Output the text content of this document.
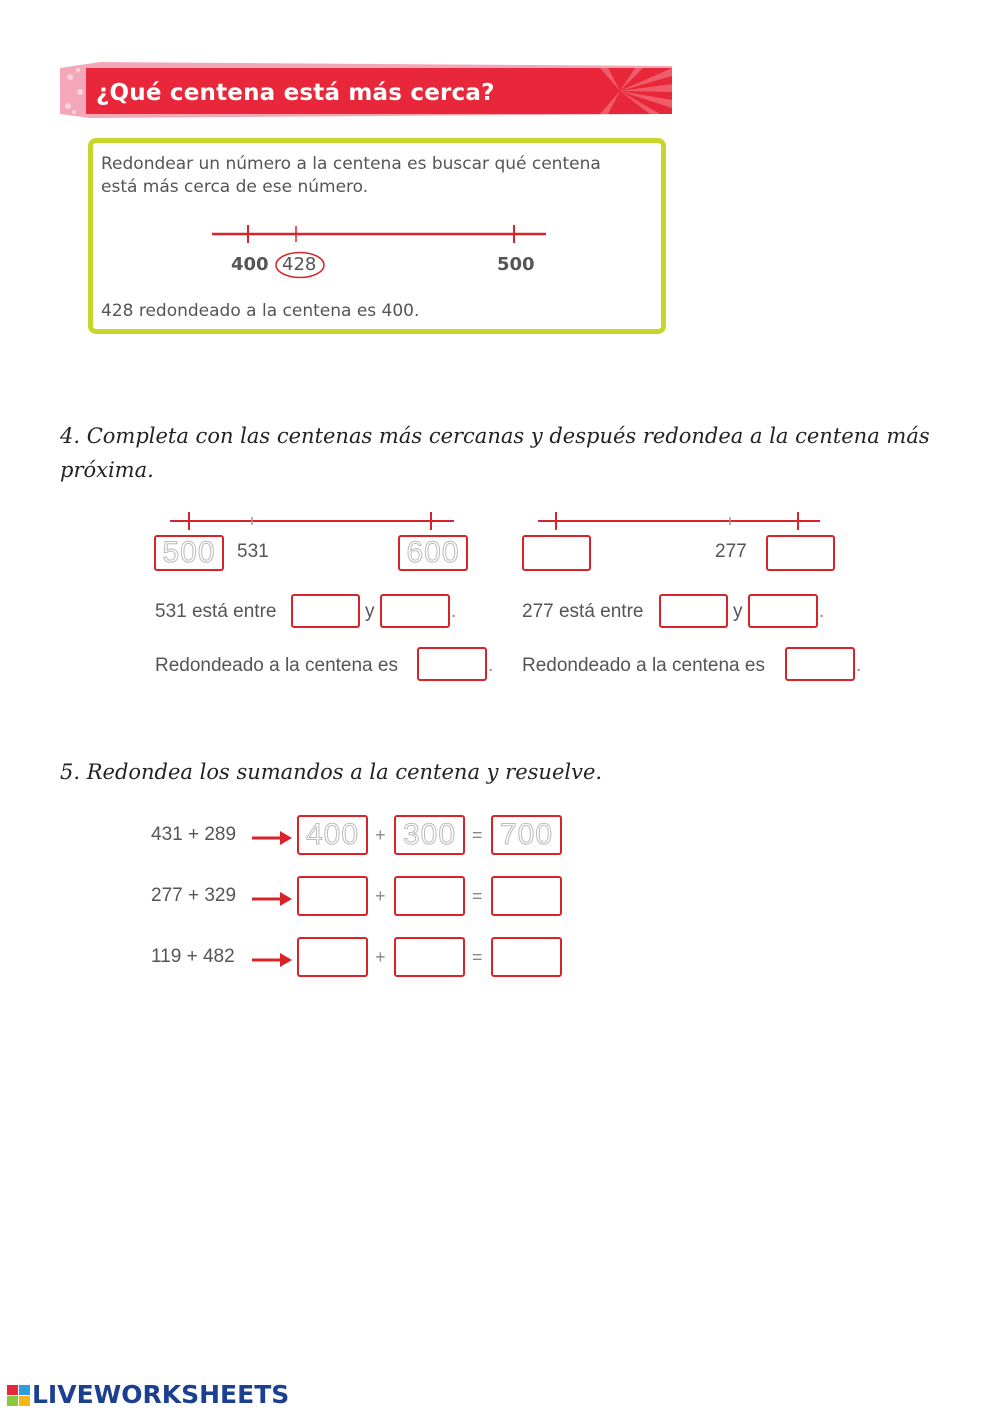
¿Qué centena está más cerca?
Redondear un número a la centena es buscar qué centena
está más cerca de ese número.
400 428	500
428 redondeado a la centena es 400.
4. Completa con las centenas más cercanas y después redondea a la centena más
próxima.
500	531	600
531 está entre	y	.
Redondeado a la centena es	.
277
277 está entre	y	.
Redondeado a la centena es	.
5. Redondea los sumandos a la centena y resuelve.
431 + 289 400 + 300 = 700
277 + 329	+	=
119 + 482	+	=
LIVEWORKSHEETS
